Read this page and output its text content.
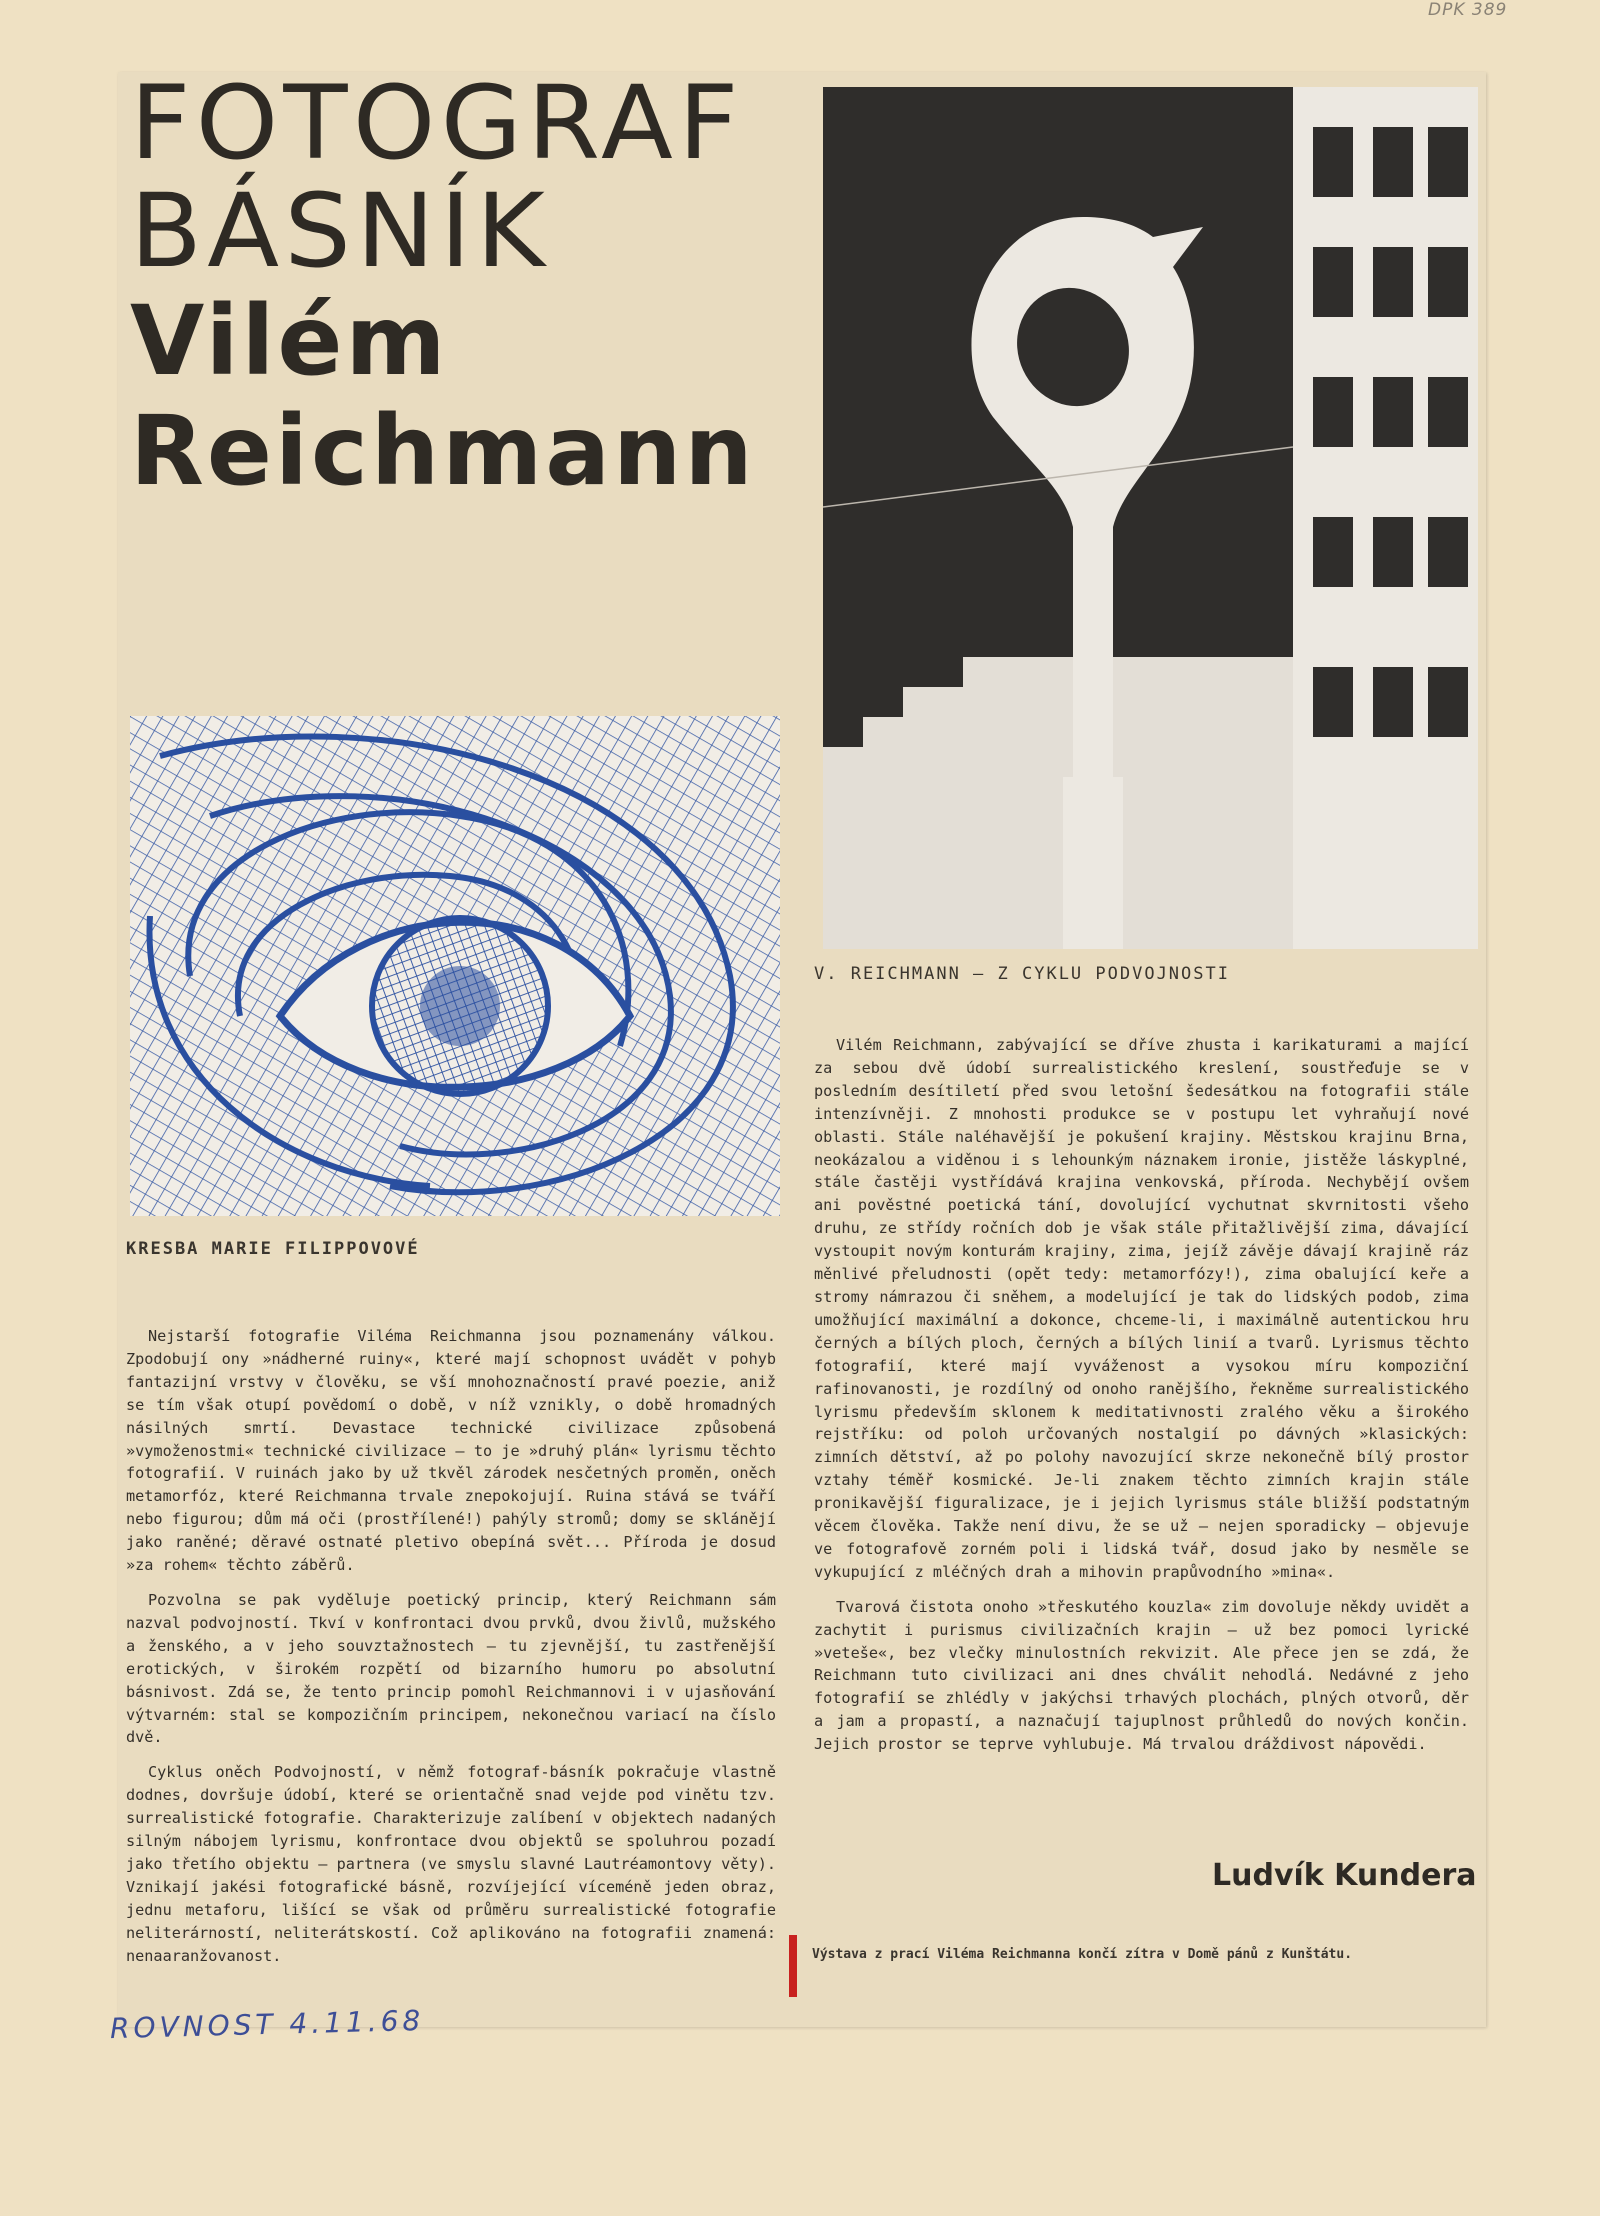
DPK 389
FOTOGRAF
BÁSNÍK
Vilém
Reichmann
KRESBA MARIE FILIPPOVOVÉ
V. REICHMANN — Z CYKLU PODVOJNOSTI

Nejstarší fotografie Viléma Reichmanna jsou poznamenány válkou. Zpodobují ony »nádherné ruiny«, které mají schopnost uvádět v pohyb fantazijní vrstvy v člověku, se vší mnohoznačností pravé poezie, aniž se tím však otupí povědomí o době, v níž vznikly, o době hromadných násilných smrtí. Devastace technické civilizace způsobená »vymoženostmi« technické civilizace — to je »druhý plán« lyrismu těchto fotografií. V ruinách jako by už tkvěl zárodek nesčetných proměn, oněch metamorfóz, které Reichmanna trvale znepokojují. Ruina stává se tváří nebo figurou; dům má oči (prostřílené!) pahýly stromů; domy se sklánějí jako raněné; děravé ostnaté pletivo obepíná svět... Příroda je dosud »za rohem« těchto záběrů.

Pozvolna se pak vyděluje poetický princip, který Reichmann sám nazval podvojností. Tkví v konfrontaci dvou prvků, dvou živlů, mužského a ženského, a v jeho souvztažnostech — tu zjevnější, tu zastřenější erotických, v širokém rozpětí od bizarního humoru po absolutní básnivost. Zdá se, že tento princip pomohl Reichmannovi i v ujasňování výtvarném: stal se kompozičním principem, nekonečnou variací na číslo dvě.

Cyklus oněch Podvojností, v němž fotograf-básník pokračuje vlastně dodnes, dovršuje údobí, které se orientačně snad vejde pod vinětu tzv. surrealistické fotografie. Charakterizuje zalíbení v objektech nadaných silným nábojem lyrismu, konfrontace dvou objektů se spoluhrou pozadí jako třetího objektu — partnera (ve smyslu slavné Lautréamontovy věty). Vznikají jakési fotografické básně, rozvíjející víceméně jeden obraz, jednu metaforu, lišící se však od průměru surrealistické fotografie neliterárností, neliterátskostí. Což aplikováno na fotografii znamená: nenaaranžovanost.

Vilém Reichmann, zabývající se dříve zhusta i karikaturami a mající za sebou dvě údobí surrealistického kreslení, soustřeďuje se v posledním desítiletí před svou letošní šedesátkou na fotografii stále intenzívněji. Z mnohosti produkce se v postupu let vyhraňují nové oblasti. Stále naléhavější je pokušení krajiny. Městskou krajinu Brna, neokázalou a viděnou i s lehounkým náznakem ironie, jistěže láskyplné, stále častěji vystřídává krajina venkovská, příroda. Nechybějí ovšem ani pověstné poetická tání, dovolující vychutnat skvrnitosti všeho druhu, ze střídy ročních dob je však stále přitažlivější zima, dávající vystoupit novým konturám krajiny, zima, jejíž závěje dávají krajině ráz měnlivé přeludnosti (opět tedy: metamorfózy!), zima obalující keře a stromy námrazou či sněhem, a modelující je tak do lidských podob, zima umožňující maximální a dokonce, chceme-li, i maximálně autentickou hru černých a bílých ploch, černých a bílých linií a tvarů. Lyrismus těchto fotografií, které mají vyváženost a vysokou míru kompoziční rafinovanosti, je rozdílný od onoho ranějšího, řekněme surrealistického lyrismu především sklonem k meditativnosti zralého věku a širokého rejstříku: od poloh určovaných nostalgií po dávných »klasických: zimních dětství, až po polohy navozující skrze nekonečně bílý prostor vztahy téměř kosmické. Je-li znakem těchto zimních krajin stále pronikavější figuralizace, je i jejich lyrismus stále bližší podstatným věcem člověka. Takže není divu, že se už — nejen sporadicky — objevuje ve fotografově zorném poli i lidská tvář, dosud jako by nesměle se vykupující z mléčných drah a mihovin prapůvodního »mina«.

Tvarová čistota onoho »třeskutého kouzla« zim dovoluje někdy uvidět a zachytit i purismus civilizačních krajin — už bez pomoci lyrické »veteše«, bez vlečky minulostních rekvizit. Ale přece jen se zdá, že Reichmann tuto civilizaci ani dnes chválit nehodlá. Nedávné z jeho fotografií se zhlédly v jakýchsi trhavých plochách, plných otvorů, děr a jam a propastí, a naznačují tajuplnost průhledů do nových končin. Jejich prostor se teprve vyhlubuje. Má trvalou dráždivost nápovědi.

Ludvík Kundera
Výstava z prací Viléma Reichmanna končí zítra v Domě pánů z Kunštátu.
ROVNOST 4.11.68
